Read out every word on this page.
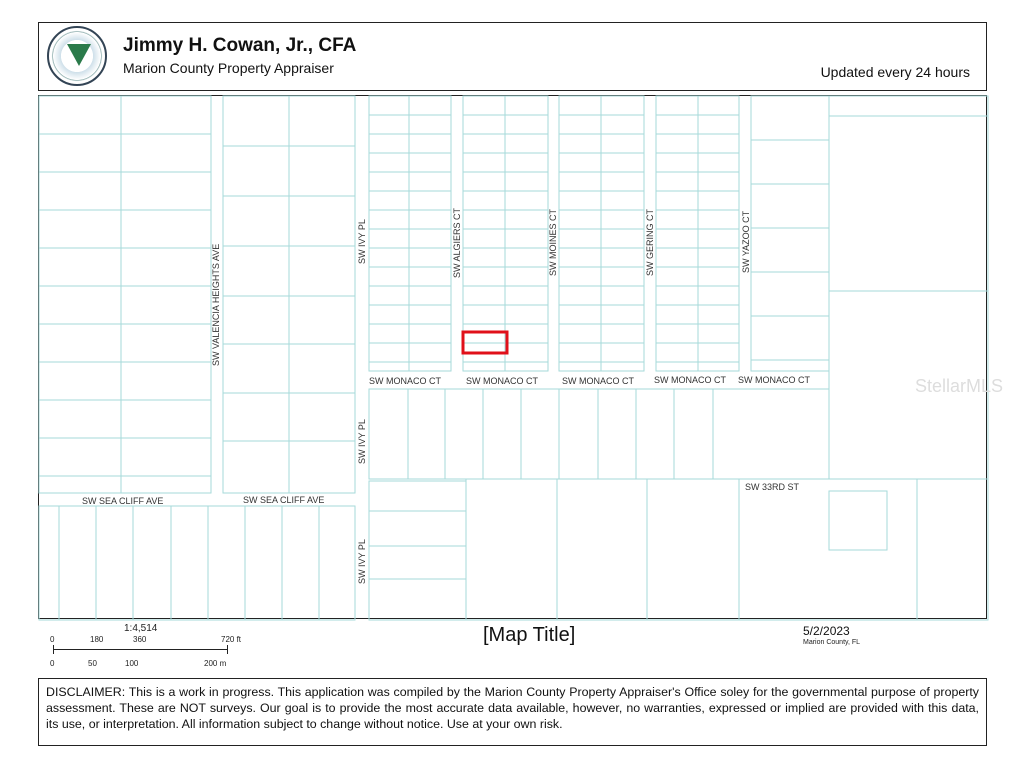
Jimmy H. Cowan, Jr., CFA
Marion County Property Appraiser	Updated every 24 hours
SW VALENCIA HEIGHTS AVE
SW IVY PL
SW IVY PL
SW IVY PL
SW ALGIERS CT	SW MOINES CT	SW GERING CT	SW YAZOO CT
SW MONACO CT	SW MONACO CT	SW MONACO CT SW MONACO CT SW MONACO CT
SW SEA CLIFF AVE	SW SEA CLIFF AVE
SW 33RD ST
StellarMLS
1:4,514
0	180	360	720 ft
0	50	100	200 m
[Map Title]	5/2/2023
Marion County, FL
DISCLAIMER: This is a work in progress. This application was compiled by the Marion County Property Appraiser's Office soley for the governmental purpose of property assessment. These are NOT surveys. Our goal is to provide the most accurate data available, however, no warranties, expressed or implied are provided with this data, its use, or interpretation. All information subject to change without notice. Use at your own risk.
